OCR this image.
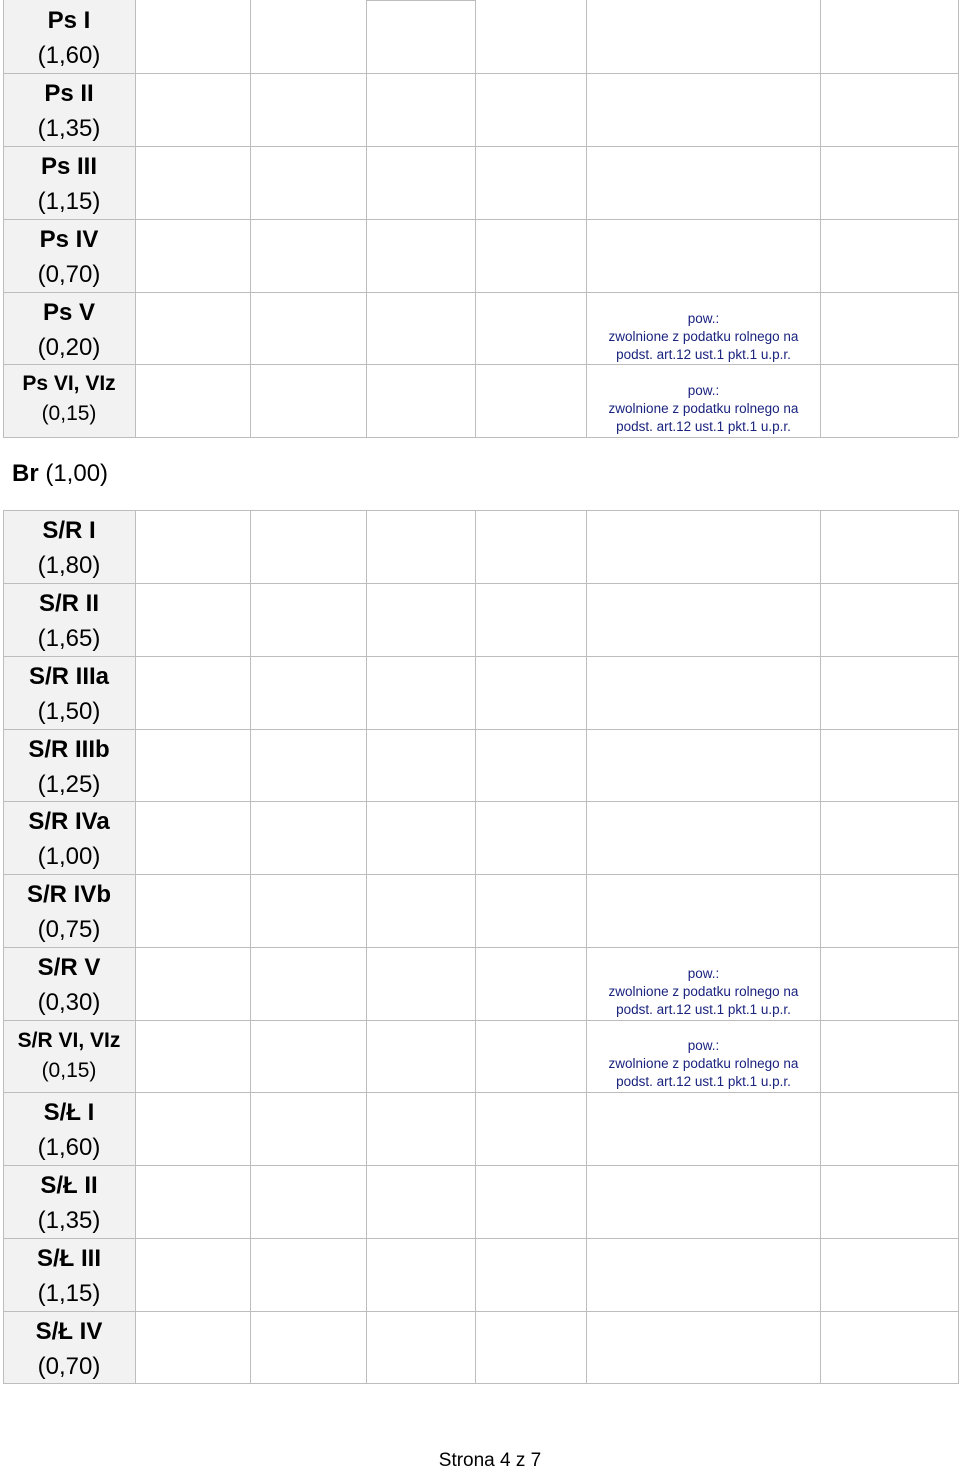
Ps I
(1,60)
Ps II
(1,35)
Ps III
(1,15)
Ps IV
(0,70)
Ps V
(0,20)
Ps VI, VIz
(0,15)
Br (1,00)
S/R I
(1,80)
S/R II
(1,65)
S/R IIIa
(1,50)
S/R IIIb
(1,25)
S/R IVa
(1,00)
S/R IVb
(0,75)
S/R V
(0,30)
S/R VI, VIz
(0,15)
S/Ł I
(1,60)
S/Ł II
(1,35)
S/Ł III
(1,15)
S/Ł IV
(0,70)
pow.:
zwolnione z podatku rolnego na
podst. art.12 ust.1 pkt.1 u.p.r.
pow.:
zwolnione z podatku rolnego na
podst. art.12 ust.1 pkt.1 u.p.r.
pow.:
zwolnione z podatku rolnego na
podst. art.12 ust.1 pkt.1 u.p.r.
pow.:
zwolnione z podatku rolnego na
podst. art.12 ust.1 pkt.1 u.p.r.
Strona 4 z 7
